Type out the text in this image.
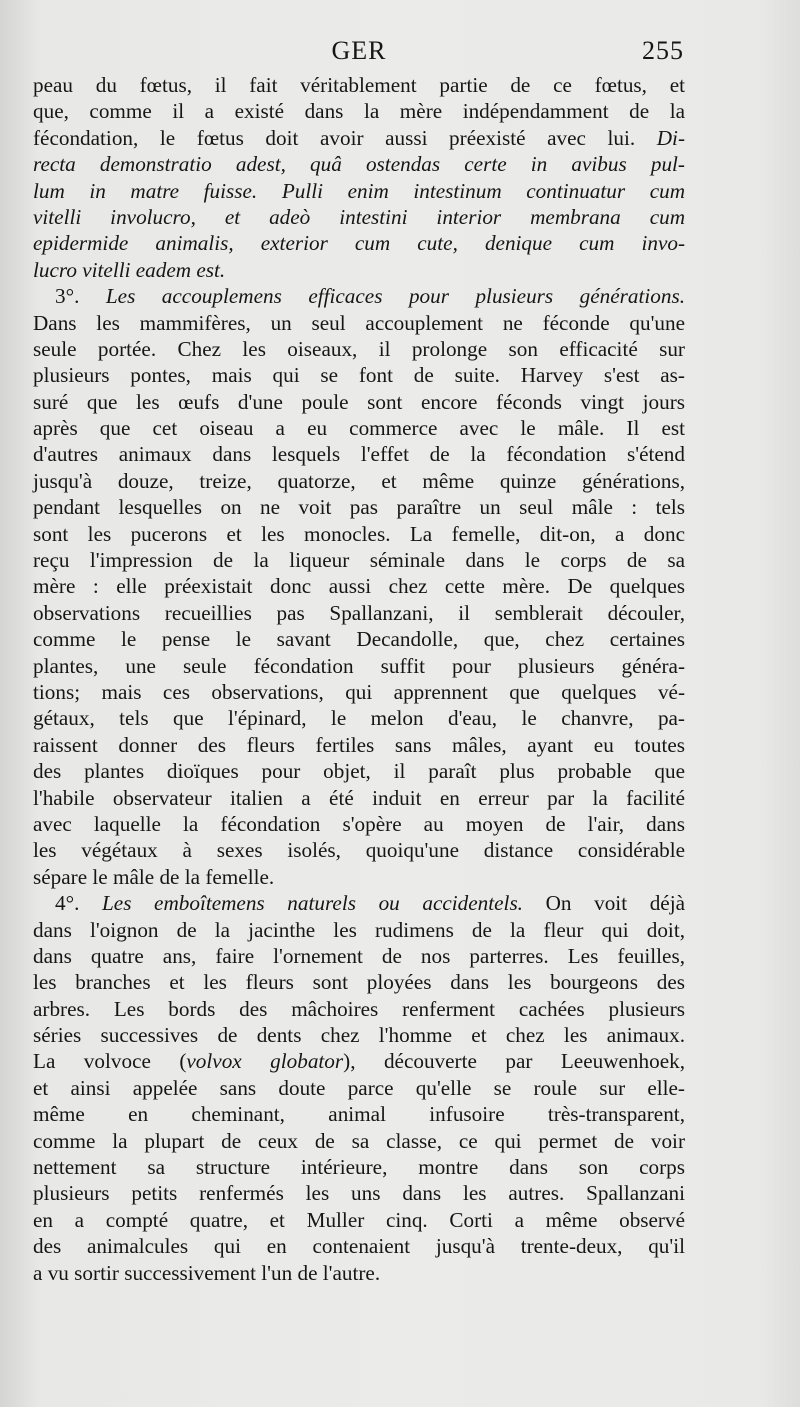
GER	255
peau du fœtus, il fait véritablement partie de ce fœtus, et
que, comme il a existé dans la mère indépendamment de la
fécondation, le fœtus doit avoir aussi préexisté avec lui. Di-
recta demonstratio adest, quâ ostendas certe in avibus pul-
lum in matre fuisse. Pulli enim intestinum continuatur cum
vitelli involucro, et adeò intestini interior membrana cum
epidermide animalis, exterior cum cute, denique cum invo-
lucro vitelli eadem est.
3°. Les accouplemens efficaces pour plusieurs générations.
Dans les mammifères, un seul accouplement ne féconde qu'une
seule portée. Chez les oiseaux, il prolonge son efficacité sur
plusieurs pontes, mais qui se font de suite. Harvey s'est as-
suré que les œufs d'une poule sont encore féconds vingt jours
après que cet oiseau a eu commerce avec le mâle. Il est
d'autres animaux dans lesquels l'effet de la fécondation s'étend
jusqu'à douze, treize, quatorze, et même quinze générations,
pendant lesquelles on ne voit pas paraître un seul mâle : tels
sont les pucerons et les monocles. La femelle, dit-on, a donc
reçu l'impression de la liqueur séminale dans le corps de sa
mère : elle préexistait donc aussi chez cette mère. De quelques
observations recueillies pas Spallanzani, il semblerait découler,
comme le pense le savant Decandolle, que, chez certaines
plantes, une seule fécondation suffit pour plusieurs généra-
tions; mais ces observations, qui apprennent que quelques vé-
gétaux, tels que l'épinard, le melon d'eau, le chanvre, pa-
raissent donner des fleurs fertiles sans mâles, ayant eu toutes
des plantes dioïques pour objet, il paraît plus probable que
l'habile observateur italien a été induit en erreur par la facilité
avec laquelle la fécondation s'opère au moyen de l'air, dans
les végétaux à sexes isolés, quoiqu'une distance considérable
sépare le mâle de la femelle.
4°. Les emboîtemens naturels ou accidentels. On voit déjà
dans l'oignon de la jacinthe les rudimens de la fleur qui doit,
dans quatre ans, faire l'ornement de nos parterres. Les feuilles,
les branches et les fleurs sont ployées dans les bourgeons des
arbres. Les bords des mâchoires renferment cachées plusieurs
séries successives de dents chez l'homme et chez les animaux.
La volvoce (volvox globator), découverte par Leeuwenhoek,
et ainsi appelée sans doute parce qu'elle se roule sur elle-
même en cheminant, animal infusoire très-transparent,
comme la plupart de ceux de sa classe, ce qui permet de voir
nettement sa structure intérieure, montre dans son corps
plusieurs petits renfermés les uns dans les autres. Spallanzani
en a compté quatre, et Muller cinq. Corti a même observé
des animalcules qui en contenaient jusqu'à trente-deux, qu'il
a vu sortir successivement l'un de l'autre.
